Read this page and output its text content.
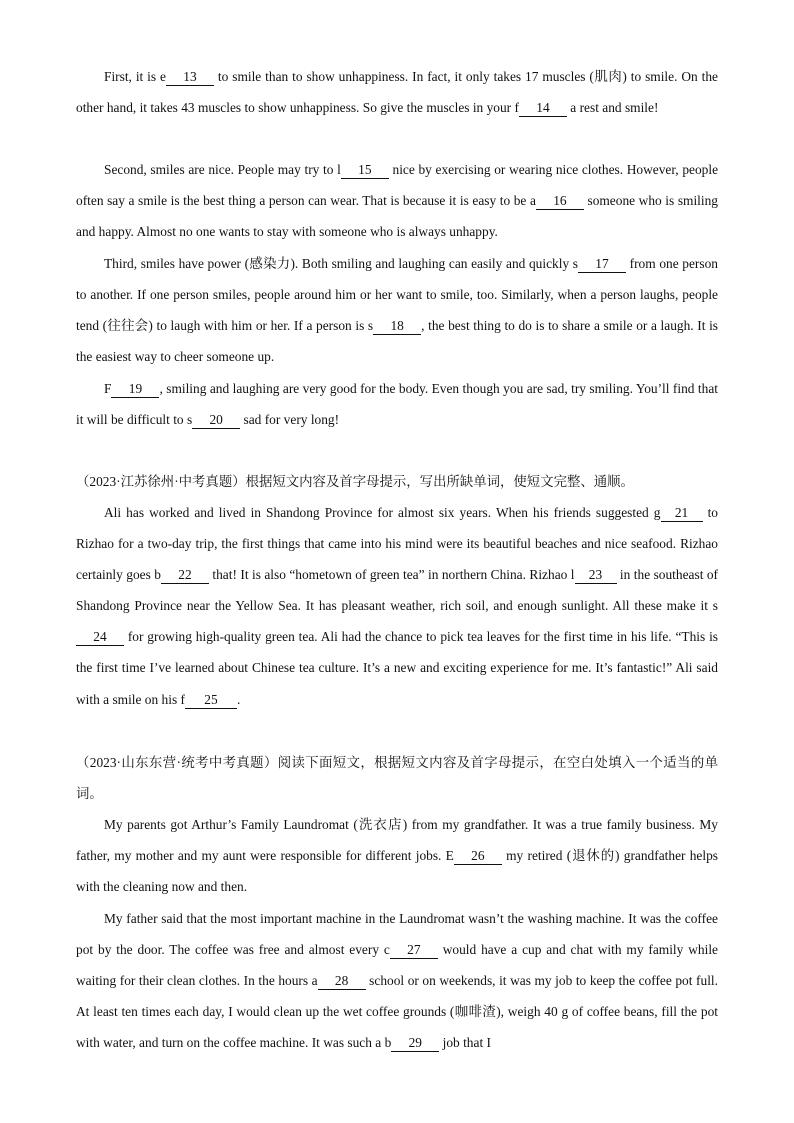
First, it is e 13 to smile than to show unhappiness. In fact, it only takes 17 muscles (肌肉) to smile. On the other hand, it takes 43 muscles to show unhappiness. So give the muscles in your f 14 a rest and smile!

Second, smiles are nice. People may try to l 15 nice by exercising or wearing nice clothes. However, people often say a smile is the best thing a person can wear. That is because it is easy to be a 16 someone who is smiling and happy. Almost no one wants to stay with someone who is always unhappy.

Third, smiles have power (感染力). Both smiling and laughing can easily and quickly s 17 from one person to another. If one person smiles, people around him or her want to smile, too. Similarly, when a person laughs, people tend (往往会) to laugh with him or her. If a person is s 18 , the best thing to do is to share a smile or a laugh. It is the easiest way to cheer someone up.

F 19 , smiling and laughing are very good for the body. Even though you are sad, try smiling. You’ll find that it will be difficult to s 20 sad for very long!

（2023·江苏徐州·中考真题）根据短文内容及首字母提示，写出所缺单词，使短文完整、通顺。

Ali has worked and lived in Shandong Province for almost six years. When his friends suggested g 21 to Rizhao for a two-day trip, the first things that came into his mind were its beautiful beaches and nice seafood. Rizhao certainly goes b 22 that! It is also “hometown of green tea” in northern China. Rizhao l 23 in the southeast of Shandong Province near the Yellow Sea. It has pleasant weather, rich soil, and enough sunlight. All these make it s24 for growing high-quality green tea. Ali had the chance to pick tea leaves for the first time in his life. “This is the first time I’ve learned about Chinese tea culture. It’s a new and exciting experience for me. It’s fantastic!” Ali said with a smile on his f 25 .

（2023·山东东营·统考中考真题）阅读下面短文，根据短文内容及首字母提示，在空白处填入一个适当的单词。

My parents got Arthur’s Family Laundromat (洗衣店) from my grandfather. It was a true family business. My father, my mother and my aunt were responsible for different jobs. E 26 my retired (退休的) grandfather helps with the cleaning now and then.

My father said that the most important machine in the Laundromat wasn’t the washing machine. It was the coffee pot by the door. The coffee was free and almost every c 27 would have a cup and chat with my family while waiting for their clean clothes. In the hours a 28 school or on weekends, it was my job to keep the coffee pot full. At least ten times each day, I would clean up the wet coffee grounds (咖啡渣), weigh 40 g of coffee beans, fill the pot with water, and turn on the coffee machine. It was such a b 29 job that I
